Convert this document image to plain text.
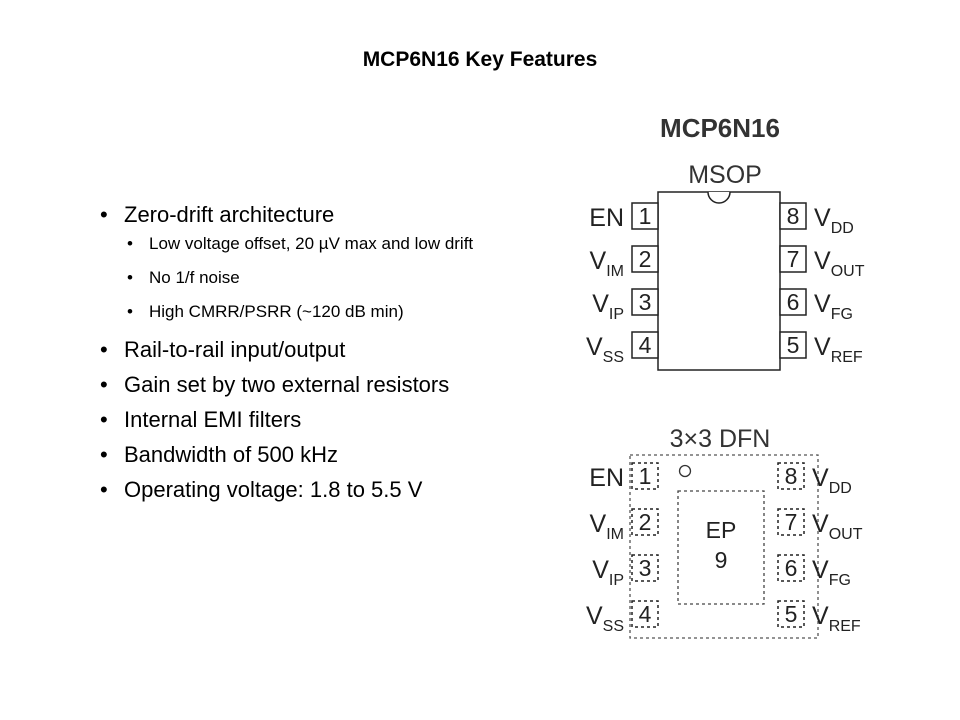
MCP6N16 Key Features
• Zero-drift architecture
• Low voltage offset, 20 µV max and low drift
• No 1/f noise
• High CMRR/PSRR (~120 dB min)
• Rail-to-rail input/output
• Gain set by two external resistors
• Internal EMI filters
• Bandwidth of 500 kHz
• Operating voltage: 1.8 to 5.5 V
MCP6N16
MSOP
1
EN
2
$V_{IM}$
3
$V_{IP}$
4
$V_{SS}$
8 $V_{DD}$
7 $V_{OUT}$
6 $V_{FG}$
5 $V_{REF}$
3×3 DFN
EP
9
1
EN
2
$V_{IM}$
3
$V_{IP}$
4
$V_{SS}$
8 $V_{DD}$
7 $V_{OUT}$
6 $V_{FG}$
5 $V_{REF}$
